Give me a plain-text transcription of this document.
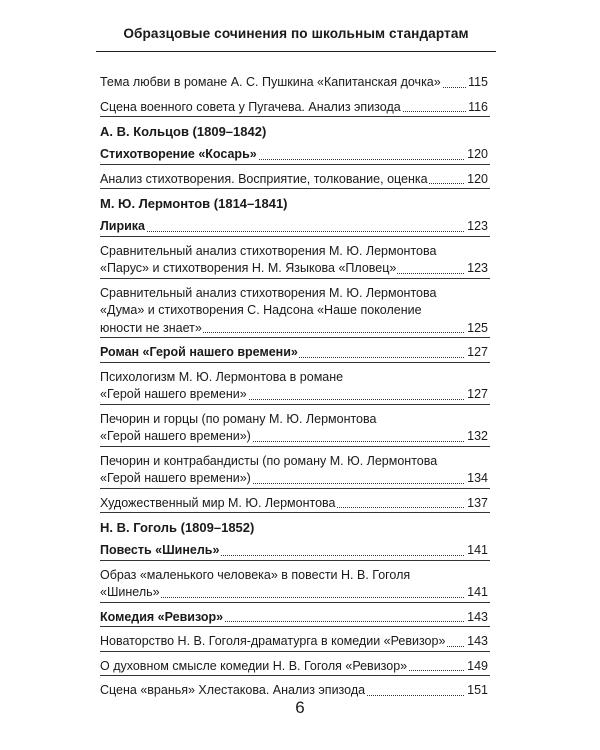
Образцовые сочинения по школьным стандартам
Тема любви в романе А. С. Пушкина «Капитанская дочка» 115
Сцена военного совета у Пугачева. Анализ эпизода	116
А. В. Кольцов (1809–1842)
Стихотворение «Косарь»	120
Анализ стихотворения. Восприятие, толкование, оценка	120
М. Ю. Лермонтов (1814–1841)
Лирика	123
Сравнительный анализ стихотворения М. Ю. Лермонтова
«Парус» и стихотворения Н. М. Языкова «Пловец»	123
Сравнительный анализ стихотворения М. Ю. Лермонтова
«Дума» и стихотворения С. Надсона «Наше поколение
юности не знает»	125
Роман «Герой нашего времени»	127
Психологизм М. Ю. Лермонтова в романе
«Герой нашего времени»	127
Печорин и горцы (по роману М. Ю. Лермонтова
«Герой нашего времени»)	132
Печорин и контрабандисты (по роману М. Ю. Лермонтова
«Герой нашего времени»)	134
Художественный мир М. Ю. Лермонтова	137
Н. В. Гоголь (1809–1852)
Повесть «Шинель»	141
Образ «маленького человека» в повести Н. В. Гоголя
«Шинель»	141
Комедия «Ревизор»	143
Новаторство Н. В. Гоголя-драматурга в комедии «Ревизор» 143
О духовном смысле комедии Н. В. Гоголя «Ревизор»	149
Сцена «вранья» Хлестакова. Анализ эпизода	151
6
